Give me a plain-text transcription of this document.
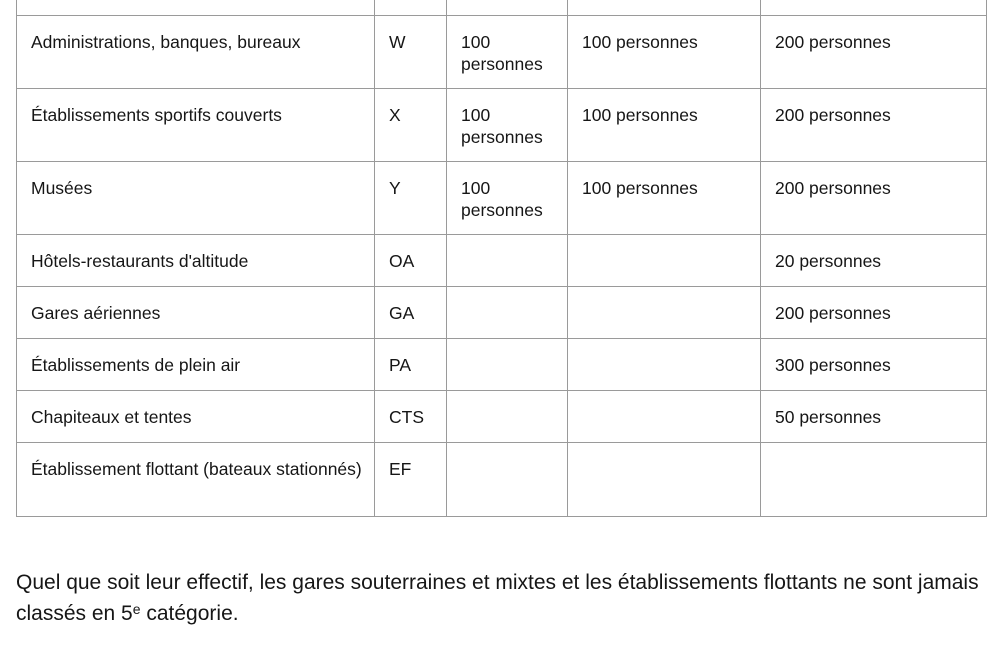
Administrations, banques, bureaux	W	100 personnes	100 personnes	200 personnes
Établissements sportifs couverts	X	100 personnes	100 personnes	200 personnes
Musées	Y	100 personnes	100 personnes	200 personnes
Hôtels-restaurants d'altitude	OA			20 personnes
Gares aériennes	GA			200 personnes
Établissements de plein air	PA			300 personnes
Chapiteaux et tentes	CTS			50 personnes
Établissement flottant (bateaux stationnés)	EF			

Quel que soit leur effectif, les gares souterraines et mixtes et les établissements flottants ne sont jamais classés en 5e catégorie.
